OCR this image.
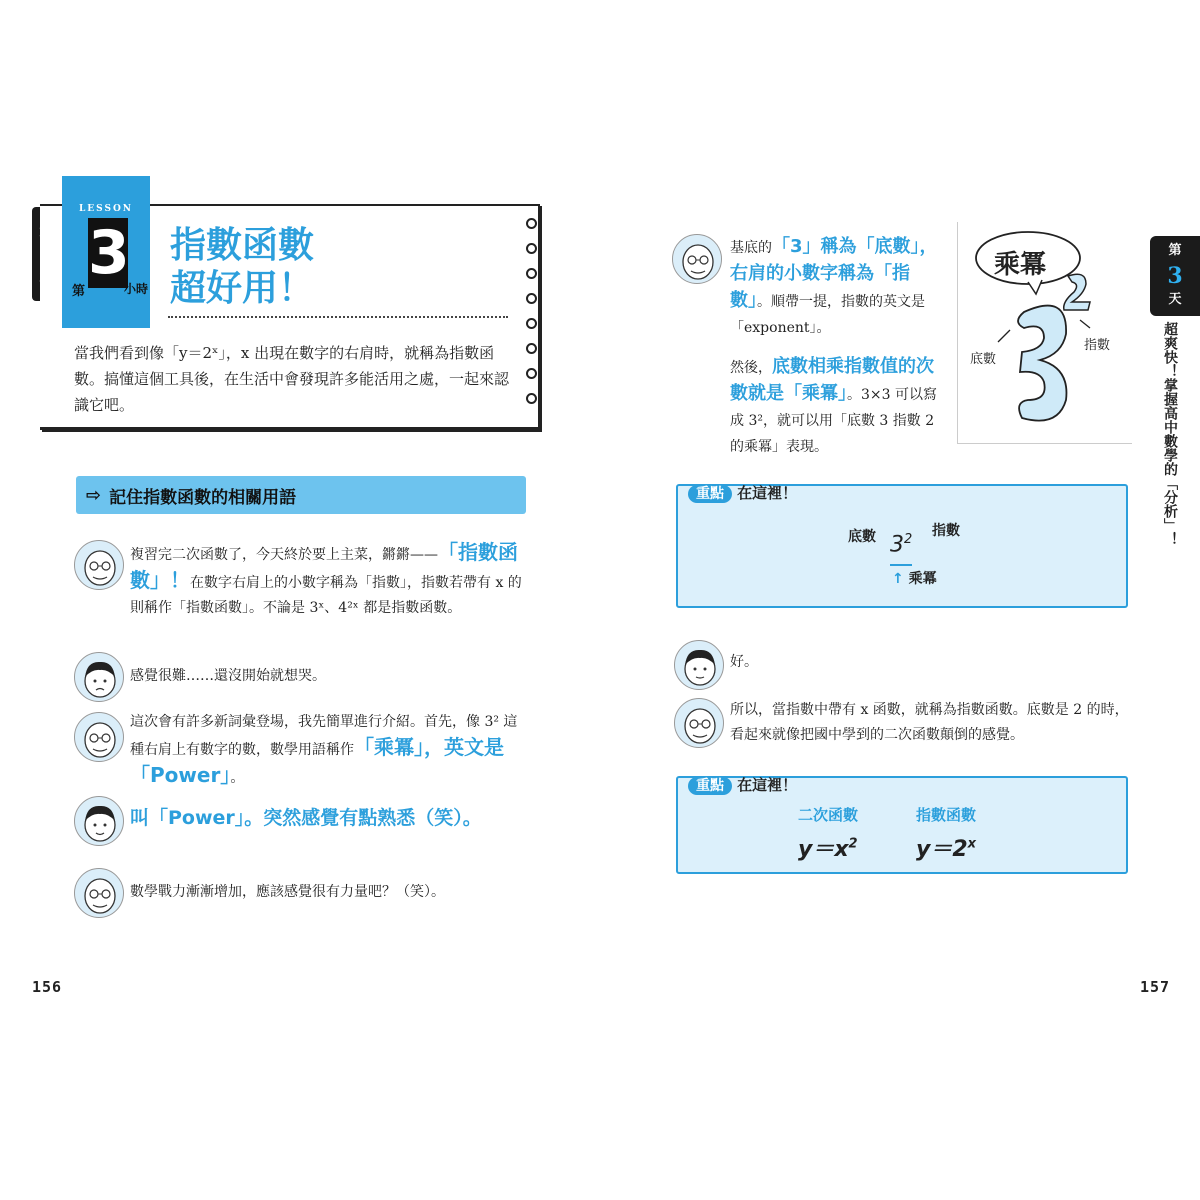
LESSON
3
第	小時
指數函數
超好用！
當我們看到像「y＝2ˣ」，x 出現在數字的右肩時，就稱為指數函數。搞懂這個工具後，在生活中會發現許多能活用之處，一起來認識它吧。
⇨ 記住指數函數的相關用語
複習完二次函數了，今天終於要上主菜，鏘鏘——「指數函數」！在數字右肩上的小數字稱為「指數」，指數若帶有 x 的則稱作「指數函數」。不論是 3ˣ、4²ˣ 都是指數函數。
感覺很難……還沒開始就想哭。
這次會有許多新詞彙登場，我先簡單進行介紹。首先，像 3² 這種右肩上有數字的數，數學用語稱作「乘冪」，英文是「Power」。
叫「Power」。突然感覺有點熟悉（笑）。
數學戰力漸漸增加，應該感覺很有力量吧？（笑）。
156
第
3
天
超爽快！掌握高中數學的「分析」！
基底的「3」稱為「底數」，右肩的小數字稱為「指數」。順帶一提，指數的英文是「exponent」。
然後，底數相乘指數值的次數就是「乘冪」。3×3 可以寫成 3²，就可以用「底數 3 指數 2 的乘冪」表現。
乘冪
底數
指數
重點 在這裡！
底數	指數
$3^2$
↑ 乘冪
好。
所以，當指數中帶有 x 函數，就稱為指數函數。底數是 2 的時，看起來就像把國中學到的二次函數顛倒的感覺。
重點 在這裡！
二次函數	指數函數
$y=x^2$	$y=2^x$
157
